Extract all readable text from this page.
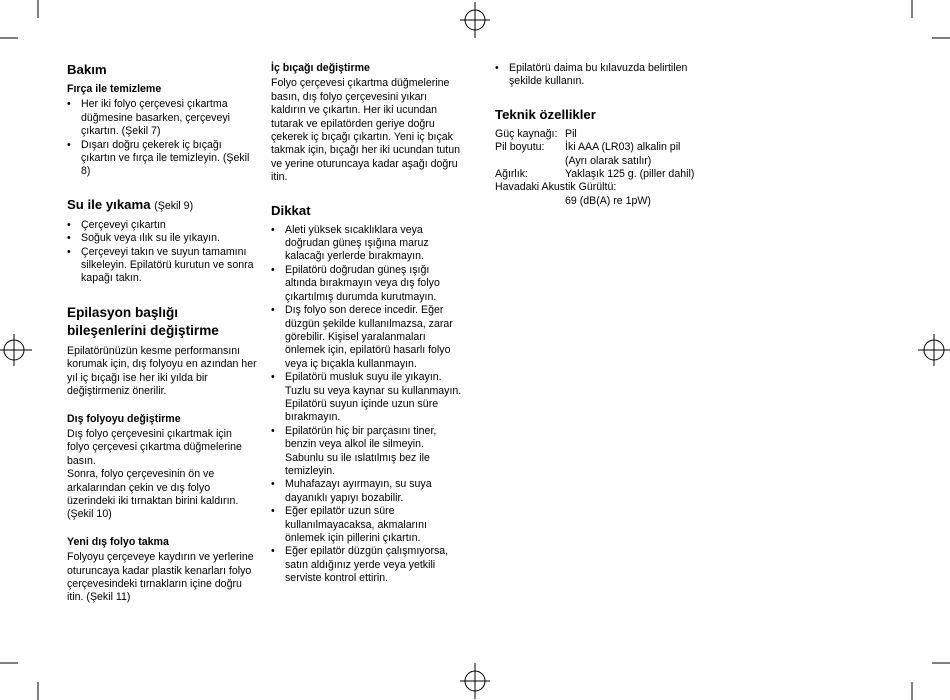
Bakım
Fırça ile temizleme
• Her iki folyo çerçevesi çıkartma düğmesine basarken, çerçeveyi çıkartın. (Şekil 7)
• Dışarı doğru çekerek iç bıçağı çıkartın ve fırça ile temizleyin. (Şekil 8)
Su ile yıkama (Şekil 9)
• Çerçeveyi çıkartın
• Soğuk veya ılık su ile yıkayın.
• Çerçeveyi takın ve suyun tamamını silkeleyin. Epilatörü kurutun ve sonra kapağı takın.
Epilasyon başlığı
bileşenlerini değiştirme

Epilatörünüzün kesme performansını korumak için, dış folyoyu en azından her yıl iç bıçağı ise her iki yılda bir değiştirmeniz önerilir.

Dış folyoyu değiştirme

Dış folyo çerçevesini çıkartmak için folyo çerçevesi çıkartma düğmelerine basın.

Sonra, folyo çerçevesinin ön ve arkalarından çekin ve dış folyo üzerindeki iki tırnaktan birini kaldırın. (Şekil 10)

Yeni dış folyo takma

Folyoyu çerçeveye kaydırın ve yerlerine oturuncaya kadar plastik kenarları folyo çerçevesindeki tırnakların içine doğru itin. (Şekil 11)

İç bıçağı değiştirme

Folyo çerçevesi çıkartma düğmelerine basın, dış folyo çerçevesini yıkarı kaldırın ve çıkartın. Her iki ucundan tutarak ve epilatörden geriye doğru çekerek iç bıçağı çıkartın. Yeni iç bıçak takmak için, bıçağı her iki ucundan tutun ve yerine oturuncaya kadar aşağı doğru itin.

Dikkat
• Aleti yüksek sıcaklıklara veya doğrudan güneş ışığına maruz kalacağı yerlerde bırakmayın.
• Epilatörü doğrudan güneş ışığı altında bırakmayın veya dış folyo çıkartılmış durumda kurutmayın.
• Dış folyo son derece incedir. Eğer düzgün şekilde kullanılmazsa, zarar görebilir. Kişisel yaralanmaları önlemek için, epilatörü hasarlı folyo veya iç bıçakla kullanmayın.
• Epilatörü musluk suyu ile yıkayın. Tuzlu su veya kaynar su kullanmayın. Epilatörü suyun içinde uzun süre bırakmayın.
• Epilatörün hiç bir parçasını tiner, benzin veya alkol ile silmeyin. Sabunlu su ile ıslatılmış bez ile temizleyin.
• Muhafazayı ayırmayın, su suya dayanıklı yapıyı bozabilir.
• Eğer epilatör uzun süre kullanılmayacaksa, akmalarını önlemek için pillerini çıkartın.
• Eğer epilatör düzgün çalışmıyorsa, satın aldığınız yerde veya yetkili serviste kontrol ettirin.
• Epilatörü daima bu kılavuzda belirtilen şekilde kullanın.
Teknik özellikler
Güç kaynağı: Pil
Pil boyutu:	İki AAA (LR03) alkalin pil (Ayrı olarak satılır)
Ağırlık:	Yaklaşık 125 g. (piller dahil)
Havadaki Akustik Gürültü:
69 (dB(A) re 1pW)
